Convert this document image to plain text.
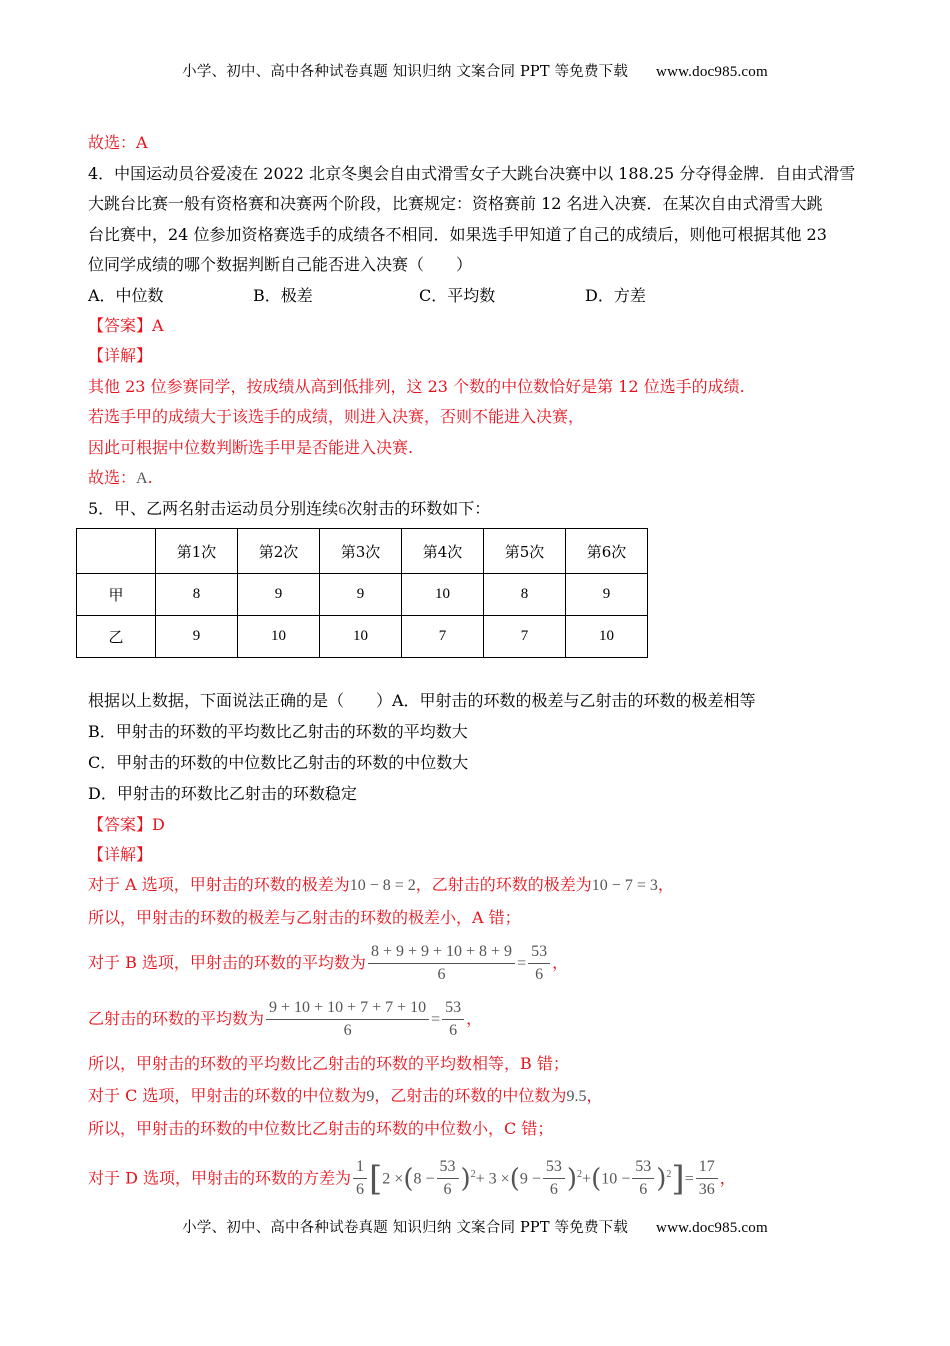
小学、初中、高中各种试卷真题 知识归纳 文案合同 PPT 等免费下载 www.doc985.com
故选：A
4．中国运动员谷爱凌在 2022 北京冬奥会自由式滑雪女子大跳台决赛中以 188.25 分夺得金牌．自由式滑雪
大跳台比赛一般有资格赛和决赛两个阶段，比赛规定：资格赛前 12 名进入决赛．在某次自由式滑雪大跳
台比赛中，24 位参加资格赛选手的成绩各不相同．如果选手甲知道了自己的成绩后，则他可根据其他 23
位同学成绩的哪个数据判断自己能否进入决赛（　　）
A．中位数	B．极差	C．平均数	D．方差
【答案】A
【详解】
其他 23 位参赛同学，按成绩从高到低排列，这 23 个数的中位数恰好是第 12 位选手的成绩.
若选手甲的成绩大于该选手的成绩，则进入决赛，否则不能进入决赛，
因此可根据中位数判断选手甲是否能进入决赛.
故选：A.
5．甲、乙两名射击运动员分别连续6次射击的环数如下：
	第1次	第2次	第3次	第4次	第5次	第6次
甲	8	9	9	10	8	9
乙	9	10	10	7	7	10
根据以上数据，下面说法正确的是（　　）A．甲射击的环数的极差与乙射击的环数的极差相等
B．甲射击的环数的平均数比乙射击的环数的平均数大
C．甲射击的环数的中位数比乙射击的环数的中位数大
D．甲射击的环数比乙射击的环数稳定
【答案】D
【详解】
对于 A 选项，甲射击的环数的极差为10 − 8 = 2，乙射击的环数的极差为10 − 7 = 3，
所以，甲射击的环数的极差与乙射击的环数的极差小，A 错；
对于 B 选项，甲射击的环数的平均数为 $\frac{8 + 9 + 9 + 10 + 8 + 9}{6} = \frac{53}{6}$ ，
乙射击的环数的平均数为 $\frac{9 + 10 + 10 + 7 + 7 + 10}{6} = \frac{53}{6}$ ，
所以，甲射击的环数的平均数比乙射击的环数的平均数相等，B 错；
对于 C 选项，甲射击的环数的中位数为9，乙射击的环数的中位数为9.5，
所以，甲射击的环数的中位数比乙射击的环数的中位数小，C 错；
对于 D 选项，甲射击的环数的方差为 $\frac{1}{6} [2 \times(8 - \frac{53}{6} )^2+ 3 \times(9 - \frac{53}{6} )^2+(10 - \frac{53}{6} )^2]= \frac{17}{36}$ ，
小学、初中、高中各种试卷真题 知识归纳 文案合同 PPT 等免费下载 www.doc985.com
